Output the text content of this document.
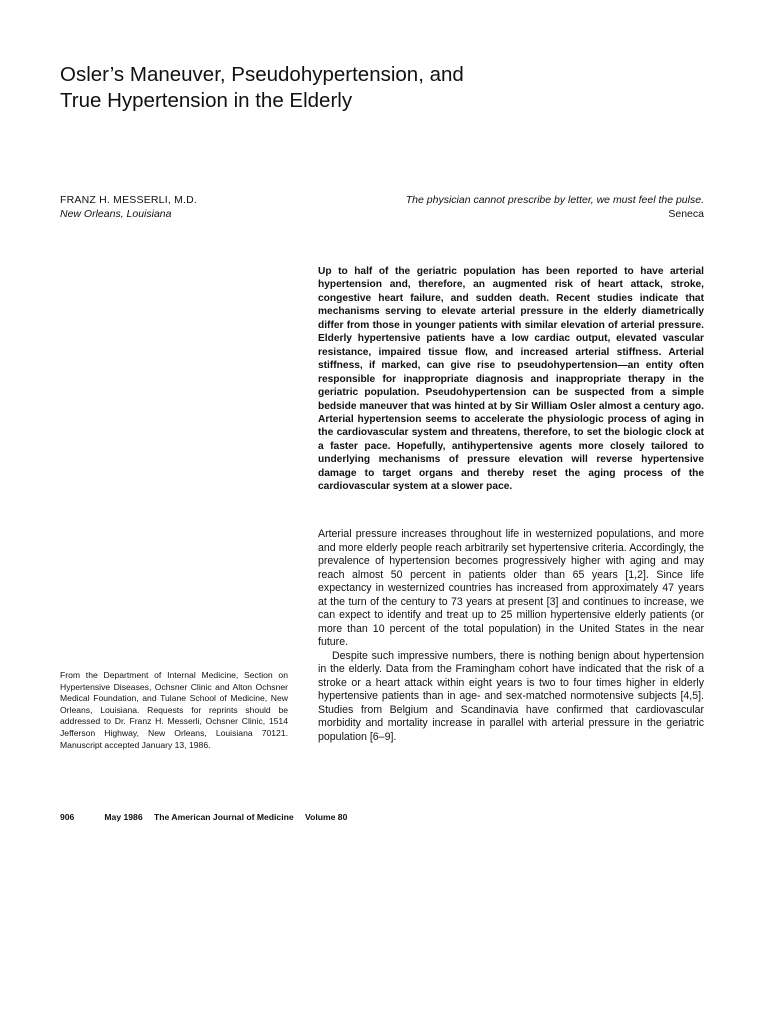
Osler’s Maneuver, Pseudohypertension, and
True Hypertension in the Elderly
FRANZ H. MESSERLI, M.D.
New Orleans, Louisiana
The physician cannot prescribe by letter, we must feel the pulse.
Seneca

Up to half of the geriatric population has been reported to have arterial hypertension and, therefore, an augmented risk of heart attack, stroke, congestive heart failure, and sudden death. Recent studies indicate that mechanisms serving to elevate arterial pressure in the elderly diametrically differ from those in younger patients with similar elevation of arterial pressure. Elderly hypertensive patients have a low cardiac output, elevated vascular resistance, impaired tissue flow, and increased arterial stiffness. Arterial stiffness, if marked, can give rise to pseudohypertension—an entity often responsible for inappropriate diagnosis and inappropriate therapy in the geriatric population. Pseudohypertension can be suspected from a simple bedside maneuver that was hinted at by Sir William Osler almost a century ago. Arterial hypertension seems to accelerate the physiologic process of aging in the cardiovascular system and threatens, therefore, to set the biologic clock at a faster pace. Hopefully, antihypertensive agents more closely tailored to underlying mechanisms of pressure elevation will reverse hypertensive damage to target organs and thereby reset the aging process of the cardiovascular system at a slower pace.

Arterial pressure increases throughout life in westernized populations, and more and more elderly people reach arbitrarily set hypertensive criteria. Accordingly, the prevalence of hypertension becomes progressively higher with aging and may reach almost 50 percent in patients older than 65 years [1,2]. Since life expectancy in westernized countries has increased from approximately 47 years at the turn of the century to 73 years at present [3] and continues to increase, we can expect to identify and treat up to 25 million hypertensive elderly patients (or more than 10 percent of the total population) in the United States in the near future.

Despite such impressive numbers, there is nothing benign about hypertension in the elderly. Data from the Framingham cohort have indicated that the risk of a stroke or a heart attack within eight years is two to four times higher in elderly hypertensive patients than in age- and sex-matched normotensive subjects [4,5]. Studies from Belgium and Scandinavia have confirmed that cardiovascular morbidity and mortality increase in parallel with arterial pressure in the geriatric population [6–9].

From the Department of Internal Medicine, Section on Hypertensive Diseases, Ochsner Clinic and Alton Ochsner Medical Foundation, and Tulane School of Medicine, New Orleans, Louisiana. Requests for reprints should be addressed to Dr. Franz H. Messerli, Ochsner Clinic, 1514 Jefferson Highway, New Orleans, Louisiana 70121. Manuscript accepted January 13, 1986.

906	May 1986 The American Journal of Medicine Volume 80
